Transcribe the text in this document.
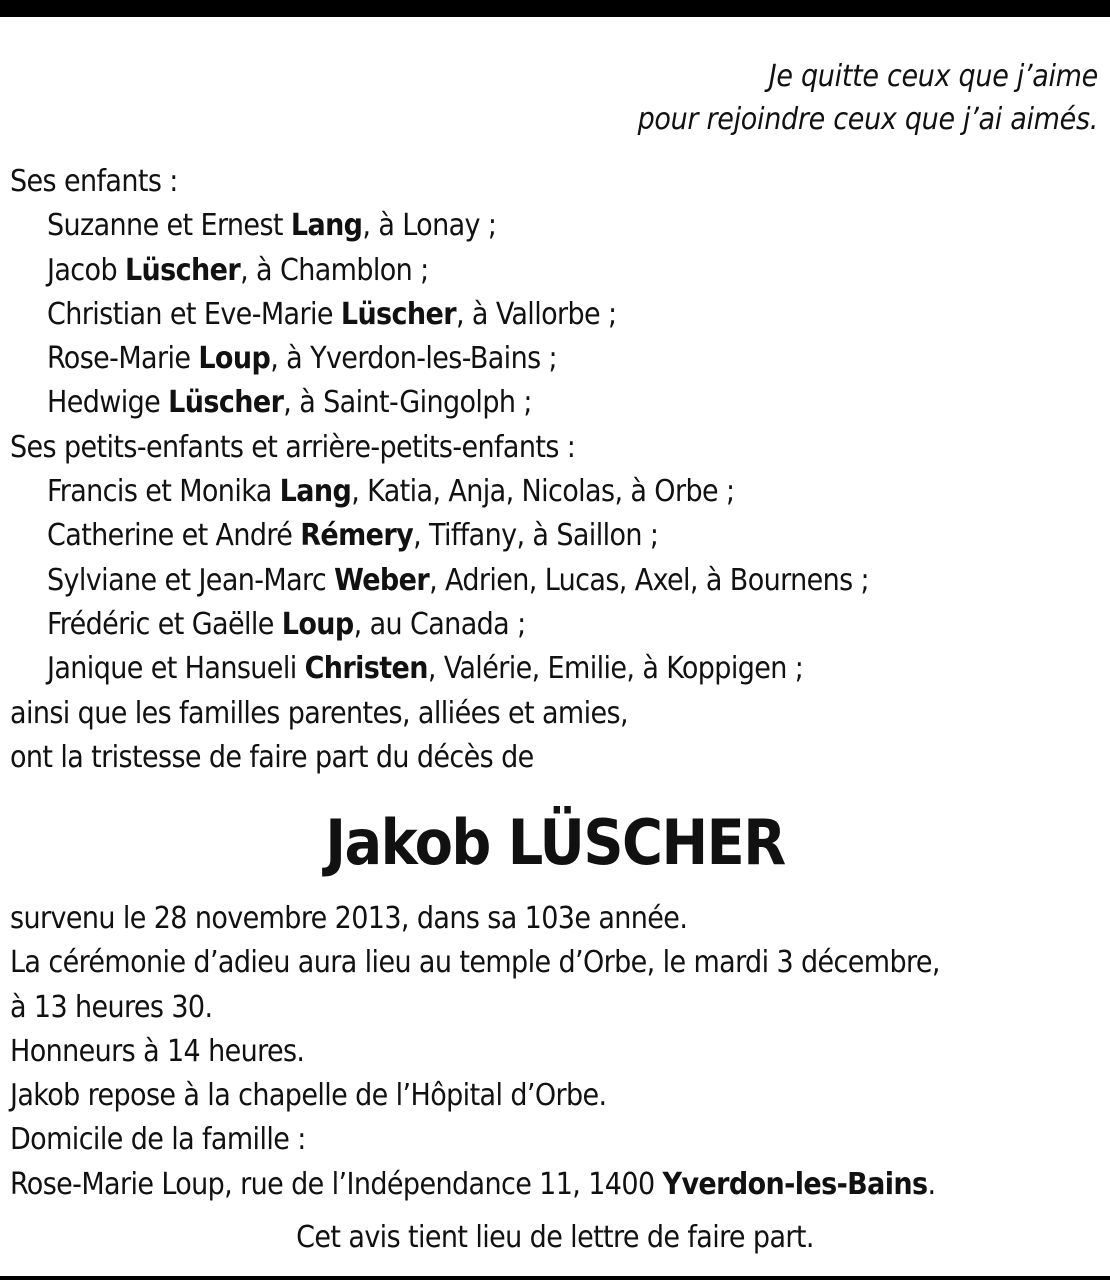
Je quitte ceux que j’aime
pour rejoindre ceux que j’ai aimés.
Ses enfants :
Suzanne et Ernest Lang, à Lonay ;
Jacob Lüscher, à Chamblon ;
Christian et Eve-Marie Lüscher, à Vallorbe ;
Rose-Marie Loup, à Yverdon-les-Bains ;
Hedwige Lüscher, à Saint-Gingolph ;
Ses petits-enfants et arrière-petits-enfants :
Francis et Monika Lang, Katia, Anja, Nicolas, à Orbe ;
Catherine et André Rémery, Tiffany, à Saillon ;
Sylviane et Jean-Marc Weber, Adrien, Lucas, Axel, à Bournens ;
Frédéric et Gaëlle Loup, au Canada ;
Janique et Hansueli Christen, Valérie, Emilie, à Koppigen ;
ainsi que les familles parentes, alliées et amies,
ont la tristesse de faire part du décès de
Jakob LÜSCHER
survenu le 28 novembre 2013, dans sa 103e année.
La cérémonie d’adieu aura lieu au temple d’Orbe, le mardi 3 décembre,
à 13 heures 30.
Honneurs à 14 heures.
Jakob repose à la chapelle de l’Hôpital d’Orbe.
Domicile de la famille :
Rose-Marie Loup, rue de l’Indépendance 11, 1400 Yverdon-les-Bains.
Cet avis tient lieu de lettre de faire part.
